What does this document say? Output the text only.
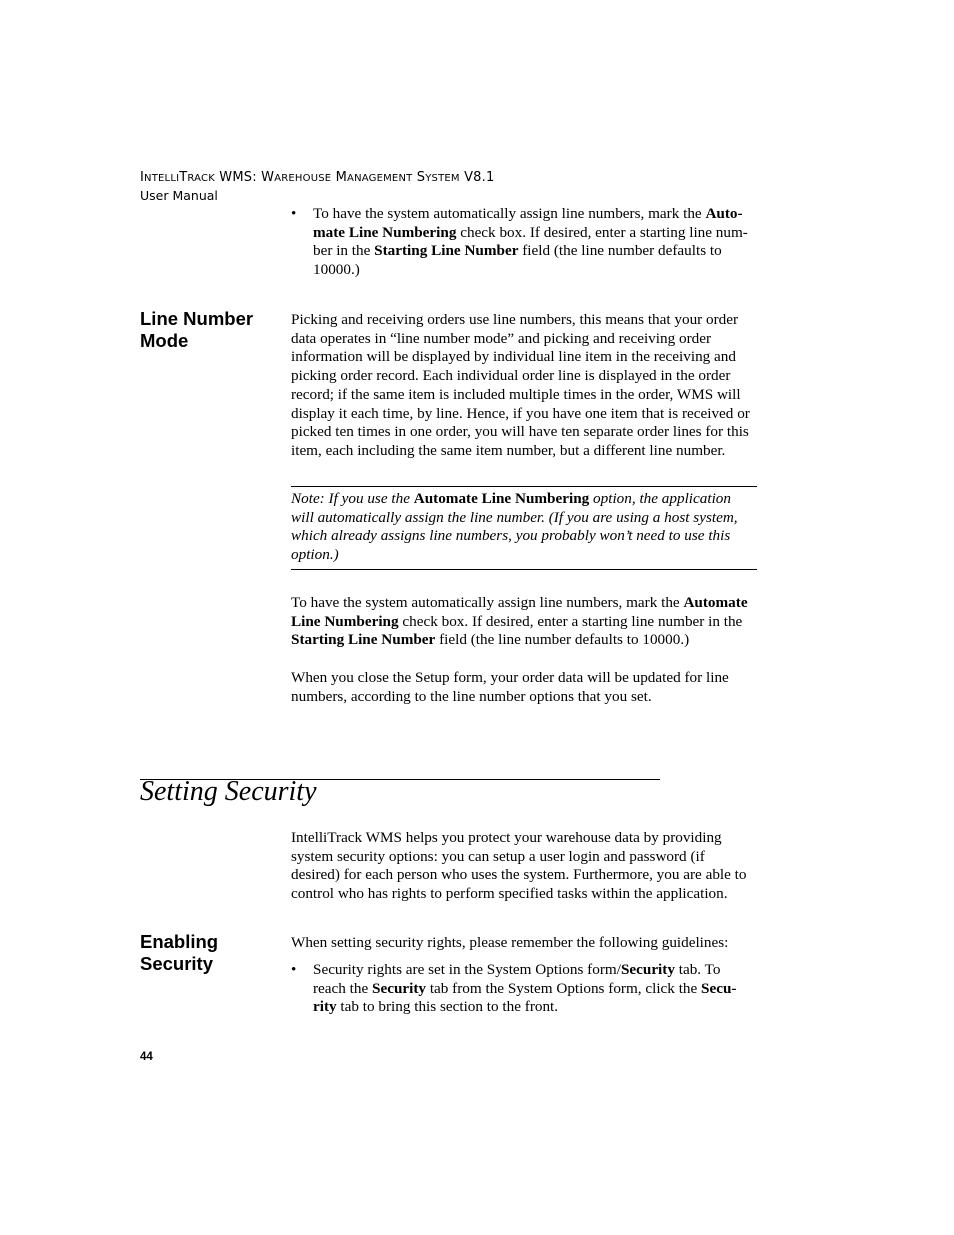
INTELLITRACK WMS: WAREHOUSE MANAGEMENT SYSTEM V8.1
User Manual
• To have the system automatically assign line numbers, mark the Auto-
mate Line Numbering check box. If desired, enter a starting line num-
ber in the Starting Line Number field (the line number defaults to
10000.)
Line Number
Mode

Picking and receiving orders use line numbers, this means that your order data operates in “line number mode” and picking and receiving order information will be displayed by individual line item in the receiving and picking order record. Each individual order line is displayed in the order record; if the same item is included multiple times in the order, WMS will display it each time, by line. Hence, if you have one item that is received or picked ten times in one order, you will have ten separate order lines for this item, each including the same item number, but a different line number.

Note: If you use the Automate Line Numbering option, the application will automatically assign the line number. (If you are using a host system, which already assigns line numbers, you probably won’t need to use this option.)

To have the system automatically assign line numbers, mark the Automate Line Numbering check box. If desired, enter a starting line number in the Starting Line Number field (the line number defaults to 10000.)

When you close the Setup form, your order data will be updated for line numbers, according to the line number options that you set.

Setting Security

IntelliTrack WMS helps you protect your warehouse data by providing system security options: you can setup a user login and password (if desired) for each person who uses the system. Furthermore, you are able to control who has rights to perform specified tasks within the application.

Enabling
Security

When setting security rights, please remember the following guidelines:

• Security rights are set in the System Options form/Security tab. To reach the Security tab from the System Options form, click the Secu-
rity tab to bring this section to the front.
44
